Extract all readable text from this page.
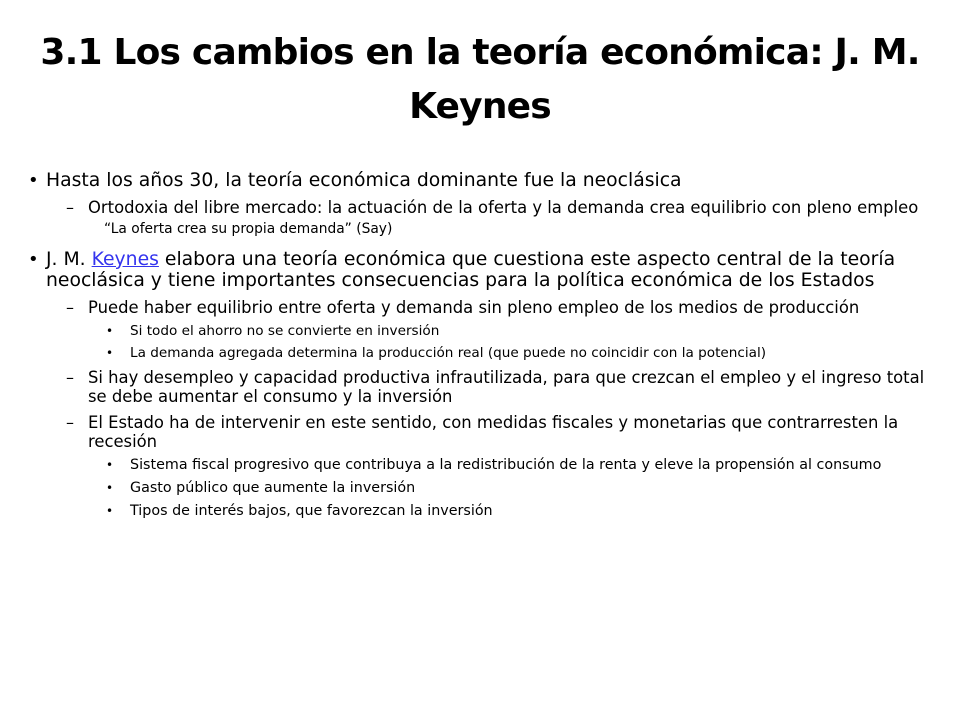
3.1 Los cambios en la teoría económica: J. M. Keynes
• Hasta los años 30, la teoría económica dominante fue la neoclásica
– Ortodoxia del libre mercado: la actuación de la oferta y la demanda crea equilibrio con pleno empleo
“La oferta crea su propia demanda” (Say)
• J. M. Keynes elabora una teoría económica que cuestiona este aspecto central de la teoría neoclásica y tiene importantes consecuencias para la política económica de los Estados
– Puede haber equilibrio entre oferta y demanda sin pleno empleo de los medios de producción
• Si todo el ahorro no se convierte en inversión
• La demanda agregada determina la producción real (que puede no coincidir con la potencial)
– Si hay desempleo y capacidad productiva infrautilizada, para que crezcan el empleo y el ingreso total se debe aumentar el consumo y la inversión
– El Estado ha de intervenir en este sentido, con medidas fiscales y monetarias que contrarresten la recesión
• Sistema fiscal progresivo que contribuya a la redistribución de la renta y eleve la propensión al consumo
• Gasto público que aumente la inversión
• Tipos de interés bajos, que favorezcan la inversión
